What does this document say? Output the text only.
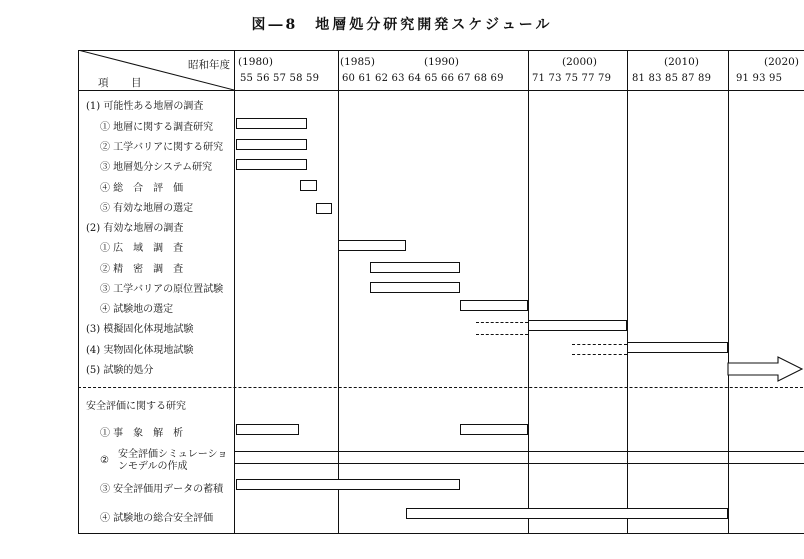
図―8　地層処分研究開発スケジュール
昭和年度
項　目
(1980)	(1985)	(1990)	(2000)	(2010)	(2020)
55 56 57 58 59 60 61 62 63 64 65 66 67 68 69	71 73 75 77 79 81 83 85 87 89 91 93 95
(1) 可能性ある地層の調査
① 地層に関する調査研究
② 工学バリアに関する研究
③ 地層処分システム研究
④ 総　合　評　価
⑤ 有効な地層の選定
(2) 有効な地層の調査
① 広　域　調　査
② 精　密　調　査
③ 工学バリアの原位置試験
④ 試験地の選定
(3) 模擬固化体現地試験
(4) 実物固化体現地試験
(5) 試験的処分
安全評価に関する研究
① 事　象　解　析
②
安全評価シミュレーショ
ンモデルの作成
③ 安全評価用データの蓄積
④ 試験地の総合安全評価
